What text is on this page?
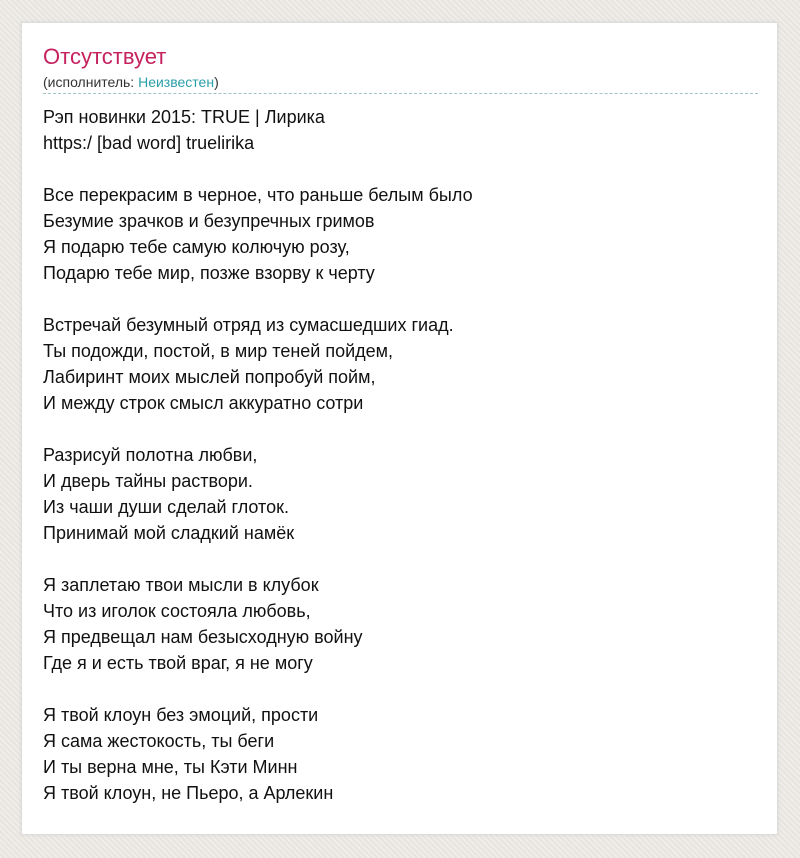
Отсутствует
(исполнитель: Неизвестен)
Рэп новинки 2015: TRUE | Лирика
https:/ [bad word] truelirika
Все перекрасим в черное, что раньше белым было
Безумие зрачков и безупречных гримов
Я подарю тебе самую колючую розу,
Подарю тебе мир, позже взорву к черту
Встречай безумный отряд из сумасшедших гиад.
Ты подожди, постой, в мир теней пойдем,
Лабиринт моих мыслей попробуй пойм,
И между строк смысл аккуратно сотри
Разрисуй полотна любви,
И дверь тайны раствори.
Из чаши души сделай глоток.
Принимай мой сладкий намёк
Я заплетаю твои мысли в клубок
Что из иголок состояла любовь,
Я предвещал нам безысходную войну
Где я и есть твой враг, я не могу
Я твой клоун без эмоций, прости
Я сама жестокость, ты беги
И ты верна мне, ты Кэти Минн
Я твой клоун, не Пьеро, а Арлекин
